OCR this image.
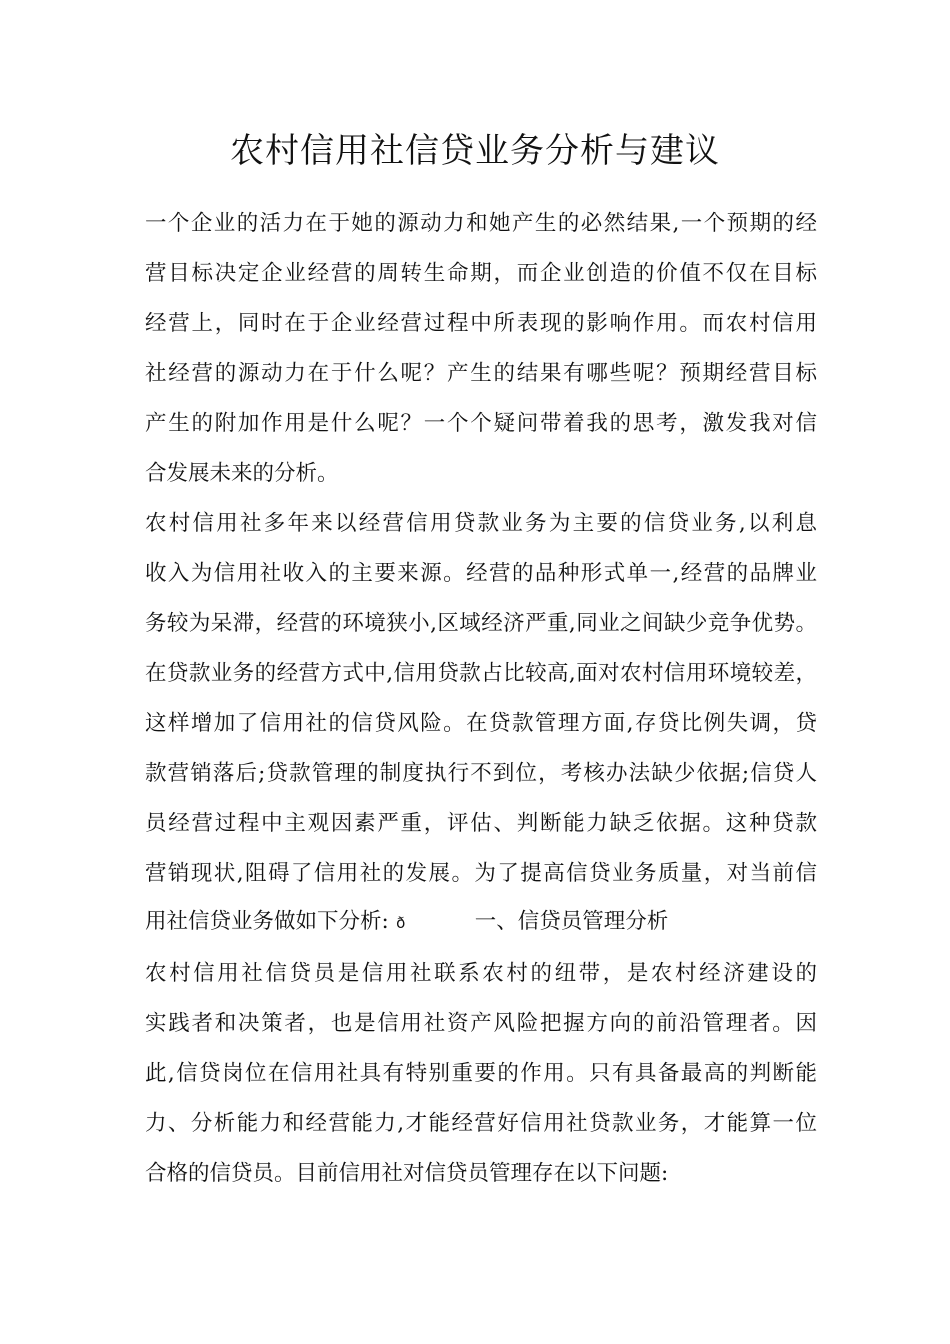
农村信用社信贷业务分析与建议
一个企业的活力在于她的源动力和她产生的必然结果,一个预期的经
营目标决定企业经营的周转生命期，而企业创造的价值不仅在目标
经营上，同时在于企业经营过程中所表现的影响作用。而农村信用
社经营的源动力在于什么呢？产生的结果有哪些呢？预期经营目标
产生的附加作用是什么呢？一个个疑问带着我的思考，激发我对信
合发展未来的分析。
农村信用社多年来以经营信用贷款业务为主要的信贷业务,以利息
收入为信用社收入的主要来源。经营的品种形式单一,经营的品牌业
务较为呆滞，经营的环境狭小,区域经济严重,同业之间缺少竞争优势。
在贷款业务的经营方式中,信用贷款占比较高,面对农村信用环境较差，
这样增加了信用社的信贷风险。在贷款管理方面,存贷比例失调，贷
款营销落后;贷款管理的制度执行不到位，考核办法缺少依据;信贷人
员经营过程中主观因素严重，评估、判断能力缺乏依据。这种贷款
营销现状,阻碍了信用社的发展。为了提高信贷业务质量，对当前信
用社信贷业务做如下分析: ð	一、信贷员管理分析
农村信用社信贷员是信用社联系农村的纽带，是农村经济建设的
实践者和决策者，也是信用社资产风险把握方向的前沿管理者。因
此,信贷岗位在信用社具有特别重要的作用。只有具备最高的判断能
力、分析能力和经营能力,才能经营好信用社贷款业务，才能算一位
合格的信贷员。目前信用社对信贷员管理存在以下问题:
